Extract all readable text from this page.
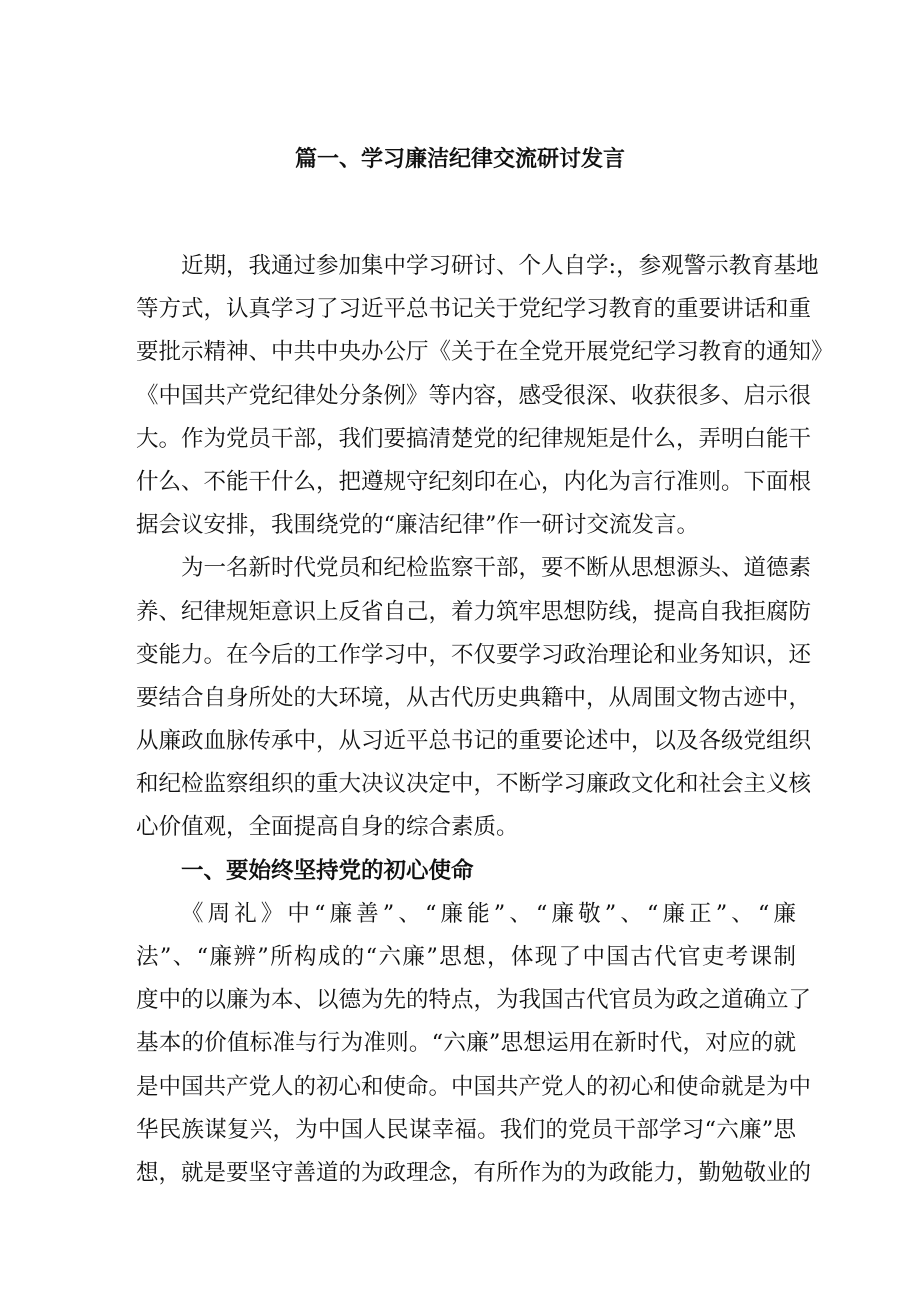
篇一、学习廉洁纪律交流研讨发言
近期，我通过参加集中学习研讨、个人自学:，参观警示教育基地
等方式，认真学习了习近平总书记关于党纪学习教育的重要讲话和重
要批示精神、中共中央办公厅《关于在全党开展党纪学习教育的通知》
《中国共产党纪律处分条例》等内容，感受很深、收获很多、启示很
大。作为党员干部，我们要搞清楚党的纪律规矩是什么，弄明白能干
什么、不能干什么，把遵规守纪刻印在心，内化为言行准则。下面根
据会议安排，我围绕党的“廉洁纪律”作一研讨交流发言。
为一名新时代党员和纪检监察干部，要不断从思想源头、道德素
养、纪律规矩意识上反省自己，着力筑牢思想防线，提高自我拒腐防
变能力。在今后的工作学习中，不仅要学习政治理论和业务知识，还
要结合自身所处的大环境，从古代历史典籍中，从周围文物古迹中，
从廉政血脉传承中，从习近平总书记的重要论述中，以及各级党组织
和纪检监察组织的重大决议决定中，不断学习廉政文化和社会主义核
心价值观，全面提高自身的综合素质。
一、要始终坚持党的初心使命
《周礼》中“廉善”、“廉能”、“廉敬”、“廉正”、“廉
法”、“廉辨”所构成的“六廉”思想，体现了中国古代官吏考课制
度中的以廉为本、以德为先的特点，为我国古代官员为政之道确立了
基本的价值标准与行为准则。“六廉”思想运用在新时代，对应的就
是中国共产党人的初心和使命。中国共产党人的初心和使命就是为中
华民族谋复兴，为中国人民谋幸福。我们的党员干部学习“六廉”思
想，就是要坚守善道的为政理念，有所作为的为政能力，勤勉敬业的
